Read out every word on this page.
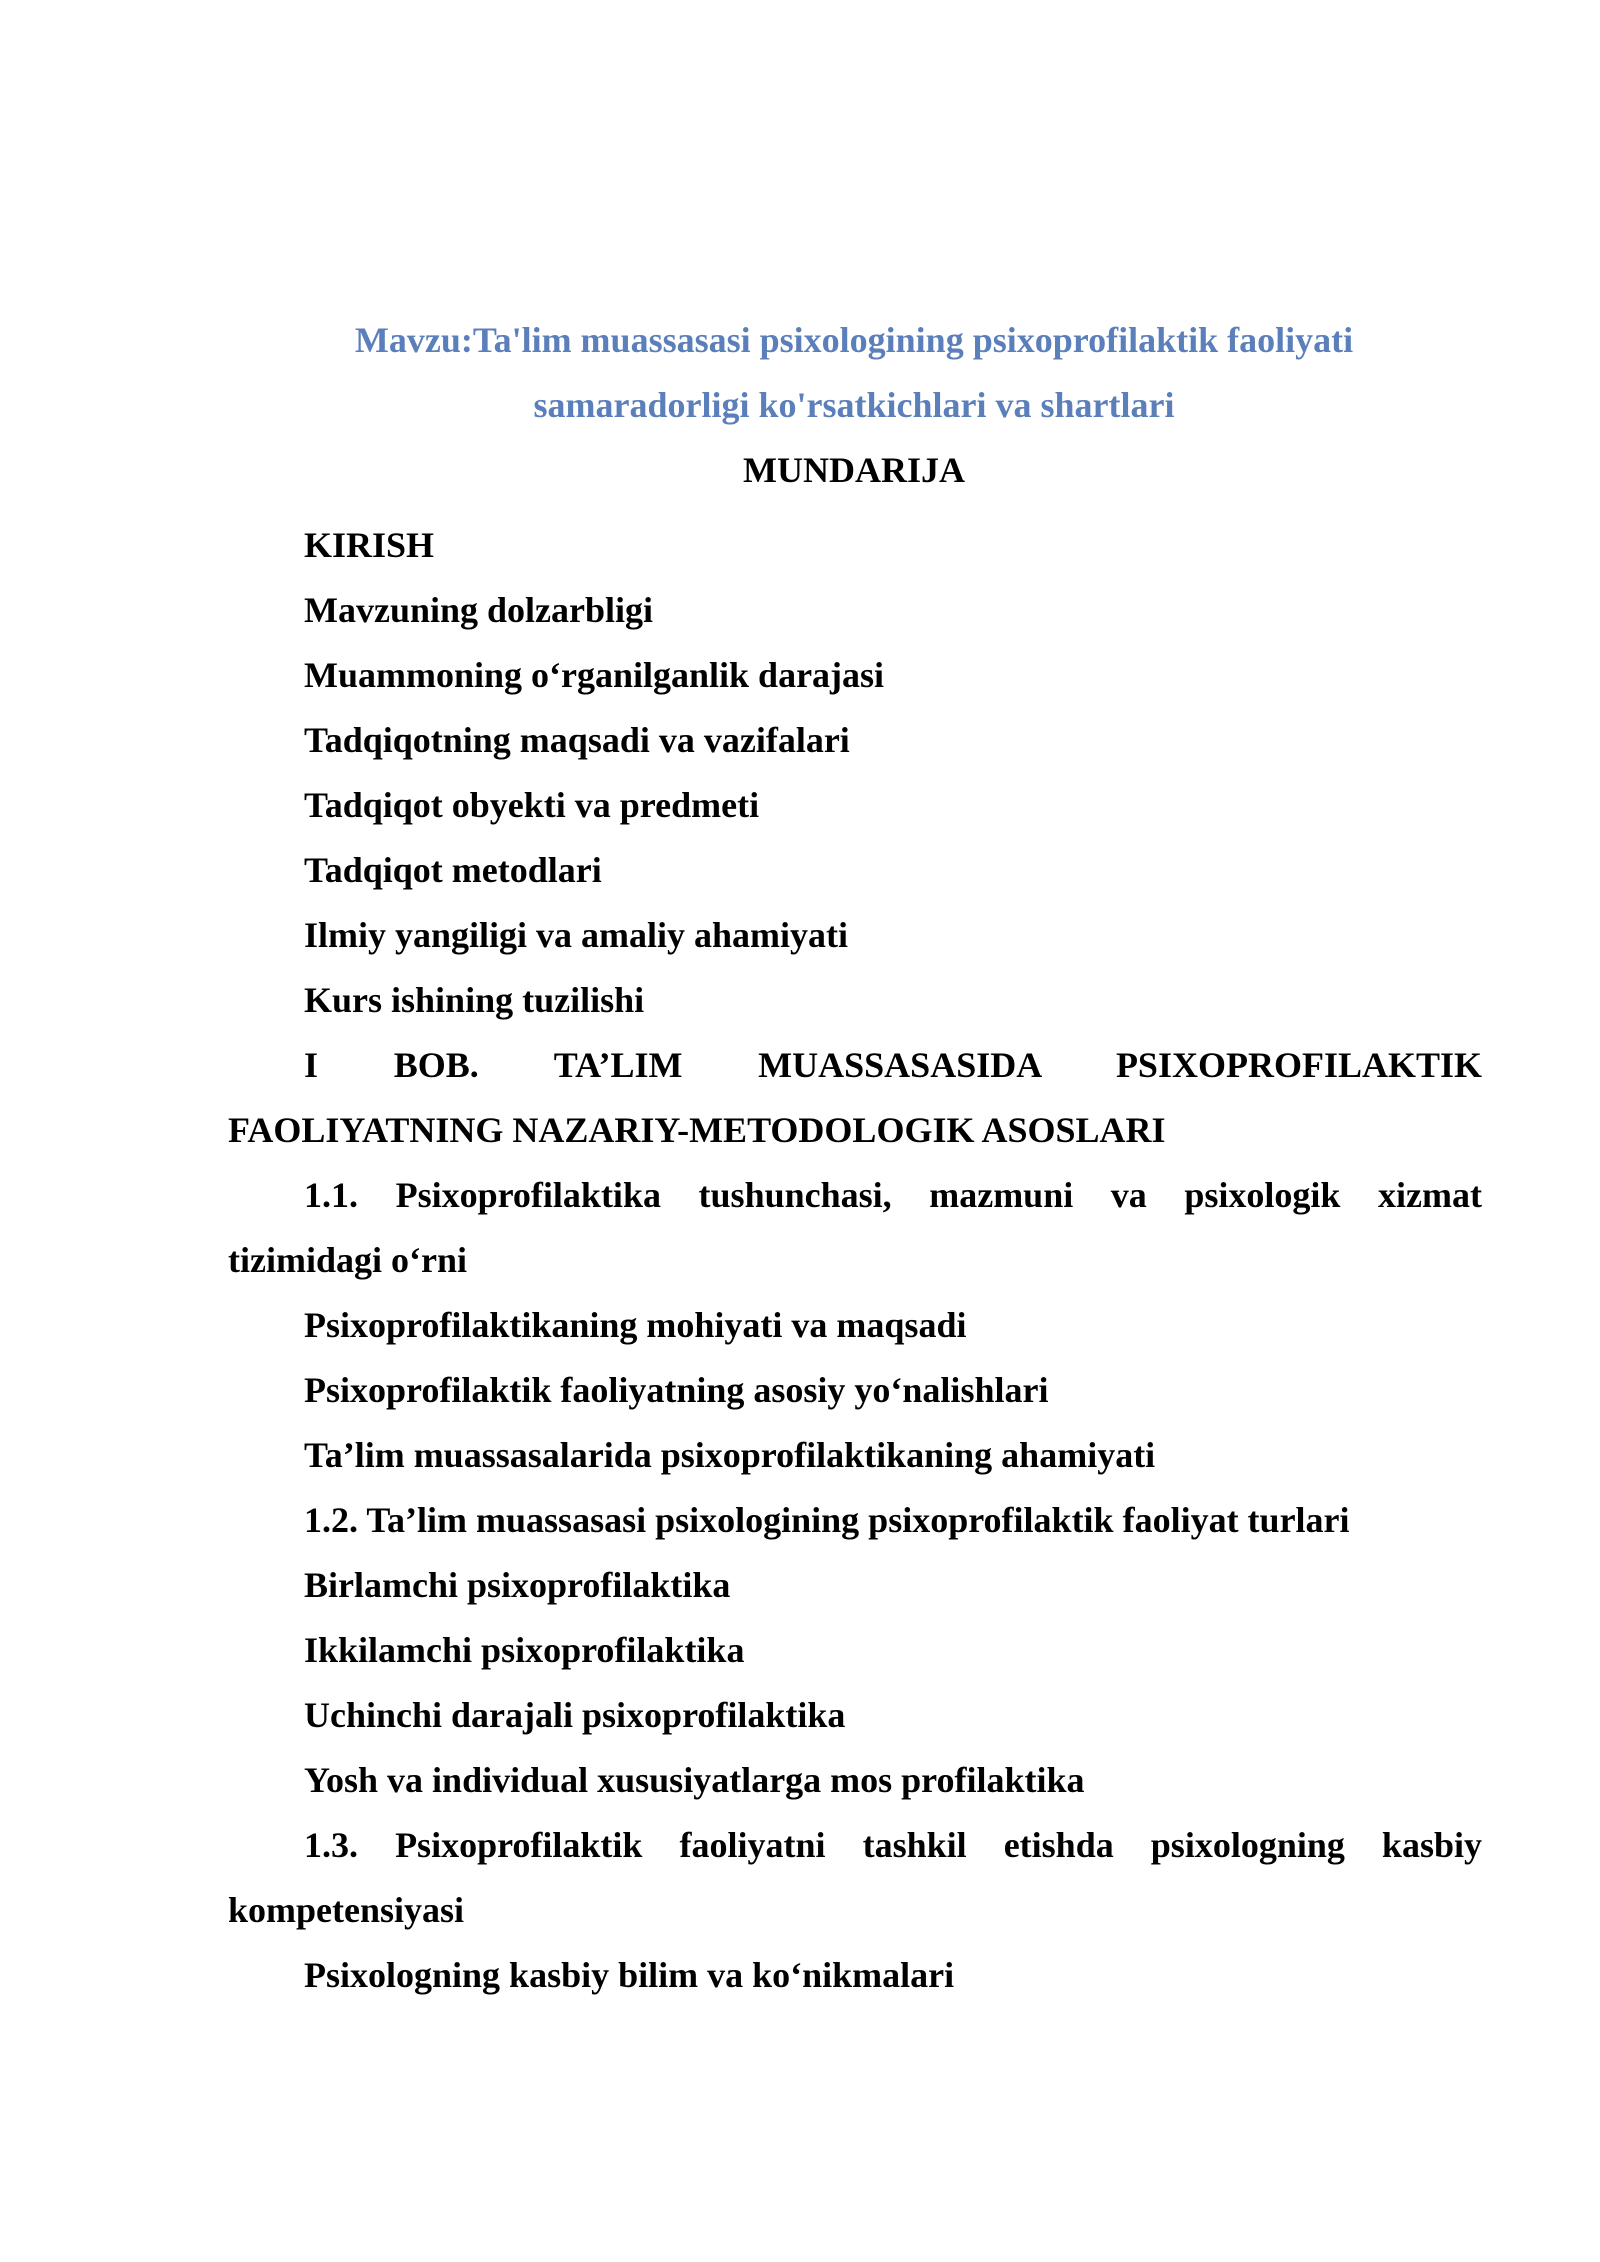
Mavzu:Ta'lim muassasasi psixologining psixoprofilaktik faoliyati
samaradorligi ko'rsatkichlari va shartlari
MUNDARIJA
KIRISH
Mavzuning dolzarbligi
Muammoning o‘rganilganlik darajasi
Tadqiqotning maqsadi va vazifalari
Tadqiqot obyekti va predmeti
Tadqiqot metodlari
Ilmiy yangiligi va amaliy ahamiyati
Kurs ishining tuzilishi
I BOB. TA’LIM MUASSASASIDA PSIXOPROFILAKTIK
FAOLIYATNING NAZARIY-METODOLOGIK ASOSLARI
1.1. Psixoprofilaktika tushunchasi, mazmuni va psixologik xizmat
tizimidagi o‘rni
Psixoprofilaktikaning mohiyati va maqsadi
Psixoprofilaktik faoliyatning asosiy yo‘nalishlari
Ta’lim muassasalarida psixoprofilaktikaning ahamiyati
1.2. Ta’lim muassasasi psixologining psixoprofilaktik faoliyat turlari
Birlamchi psixoprofilaktika
Ikkilamchi psixoprofilaktika
Uchinchi darajali psixoprofilaktika
Yosh va individual xususiyatlarga mos profilaktika
1.3. Psixoprofilaktik faoliyatni tashkil etishda psixologning kasbiy
kompetensiyasi
Psixologning kasbiy bilim va ko‘nikmalari
